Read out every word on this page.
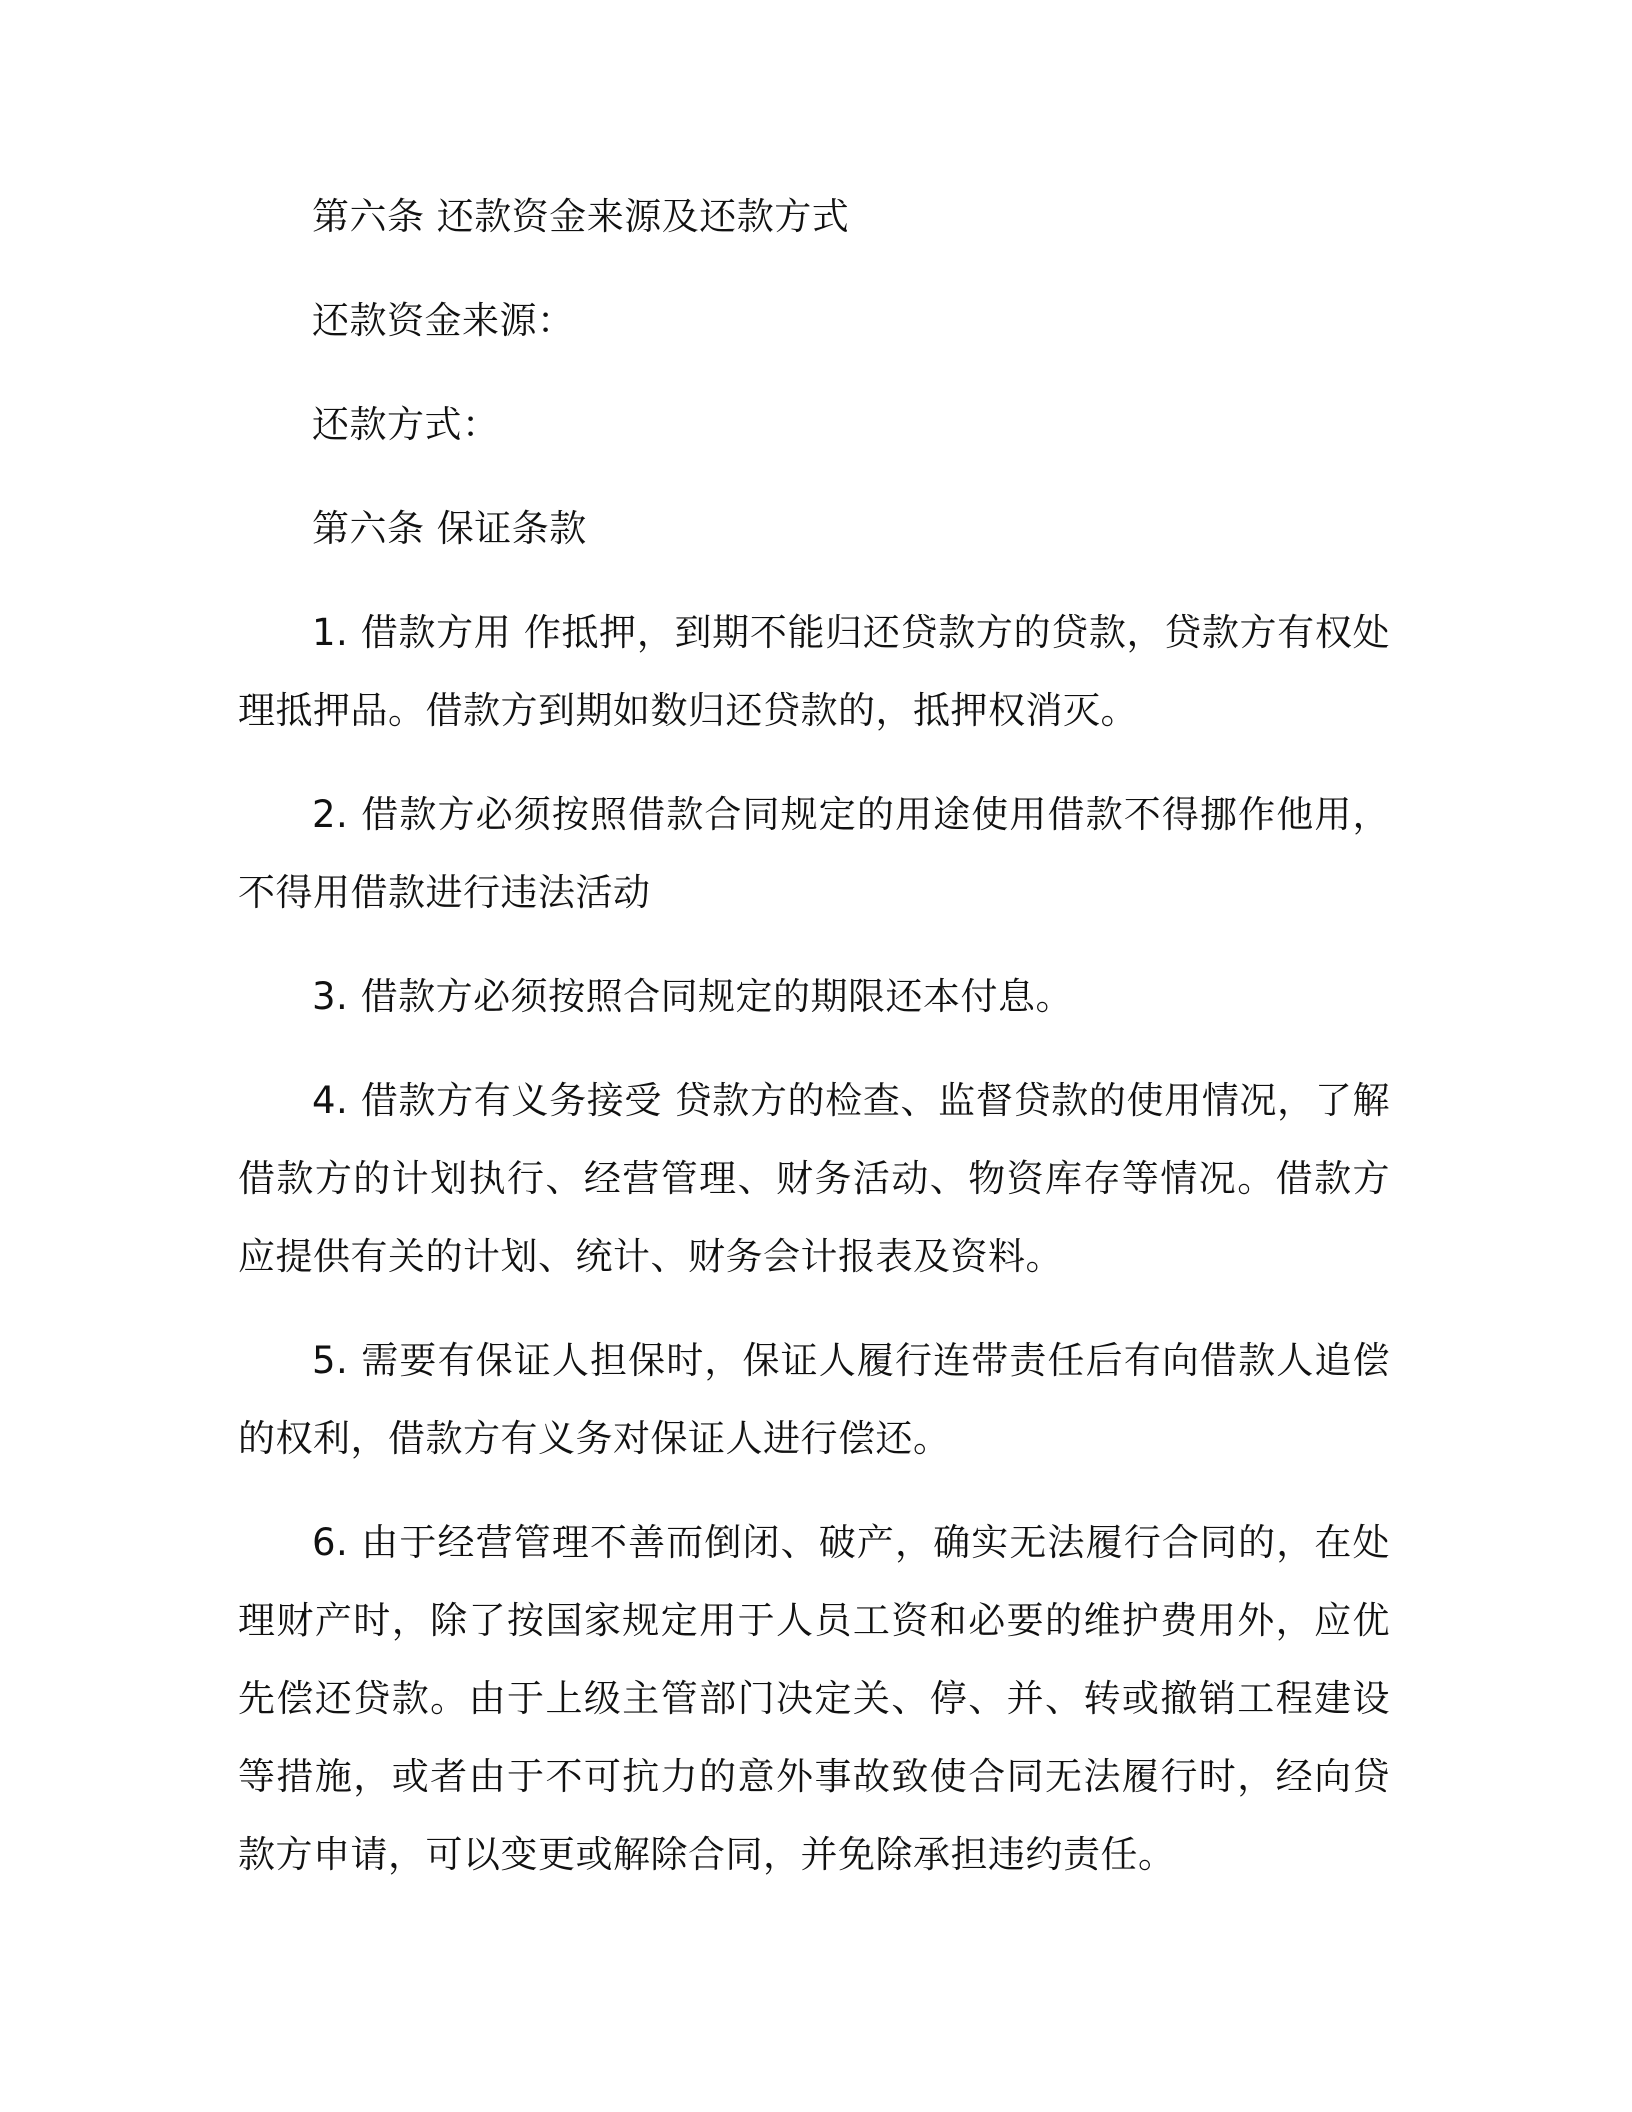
第六条 还款资金来源及还款方式

还款资金来源：

还款方式：

第六条 保证条款

1. 借款方用 作抵押，到期不能归还贷款方的贷款，贷款方有权处理抵押品。借款方到期如数归还贷款的，抵押权消灭。

2. 借款方必须按照借款合同规定的用途使用借款不得挪作他用，不得用借款进行违法活动

3. 借款方必须按照合同规定的期限还本付息。

4. 借款方有义务接受 贷款方的检查、监督贷款的使用情况，了解借款方的计划执行、经营管理、财务活动、物资库存等情况。借款方应提供有关的计划、统计、财务会计报表及资料。

5. 需要有保证人担保时，保证人履行连带责任后有向借款人追偿的权利，借款方有义务对保证人进行偿还。

6. 由于经营管理不善而倒闭、破产，确实无法履行合同的，在处理财产时，除了按国家规定用于人员工资和必要的维护费用外，应优先偿还贷款。由于上级主管部门决定关、停、并、转或撤销工程建设等措施，或者由于不可抗力的意外事故致使合同无法履行时，经向贷款方申请，可以变更或解除合同，并免除承担违约责任。
